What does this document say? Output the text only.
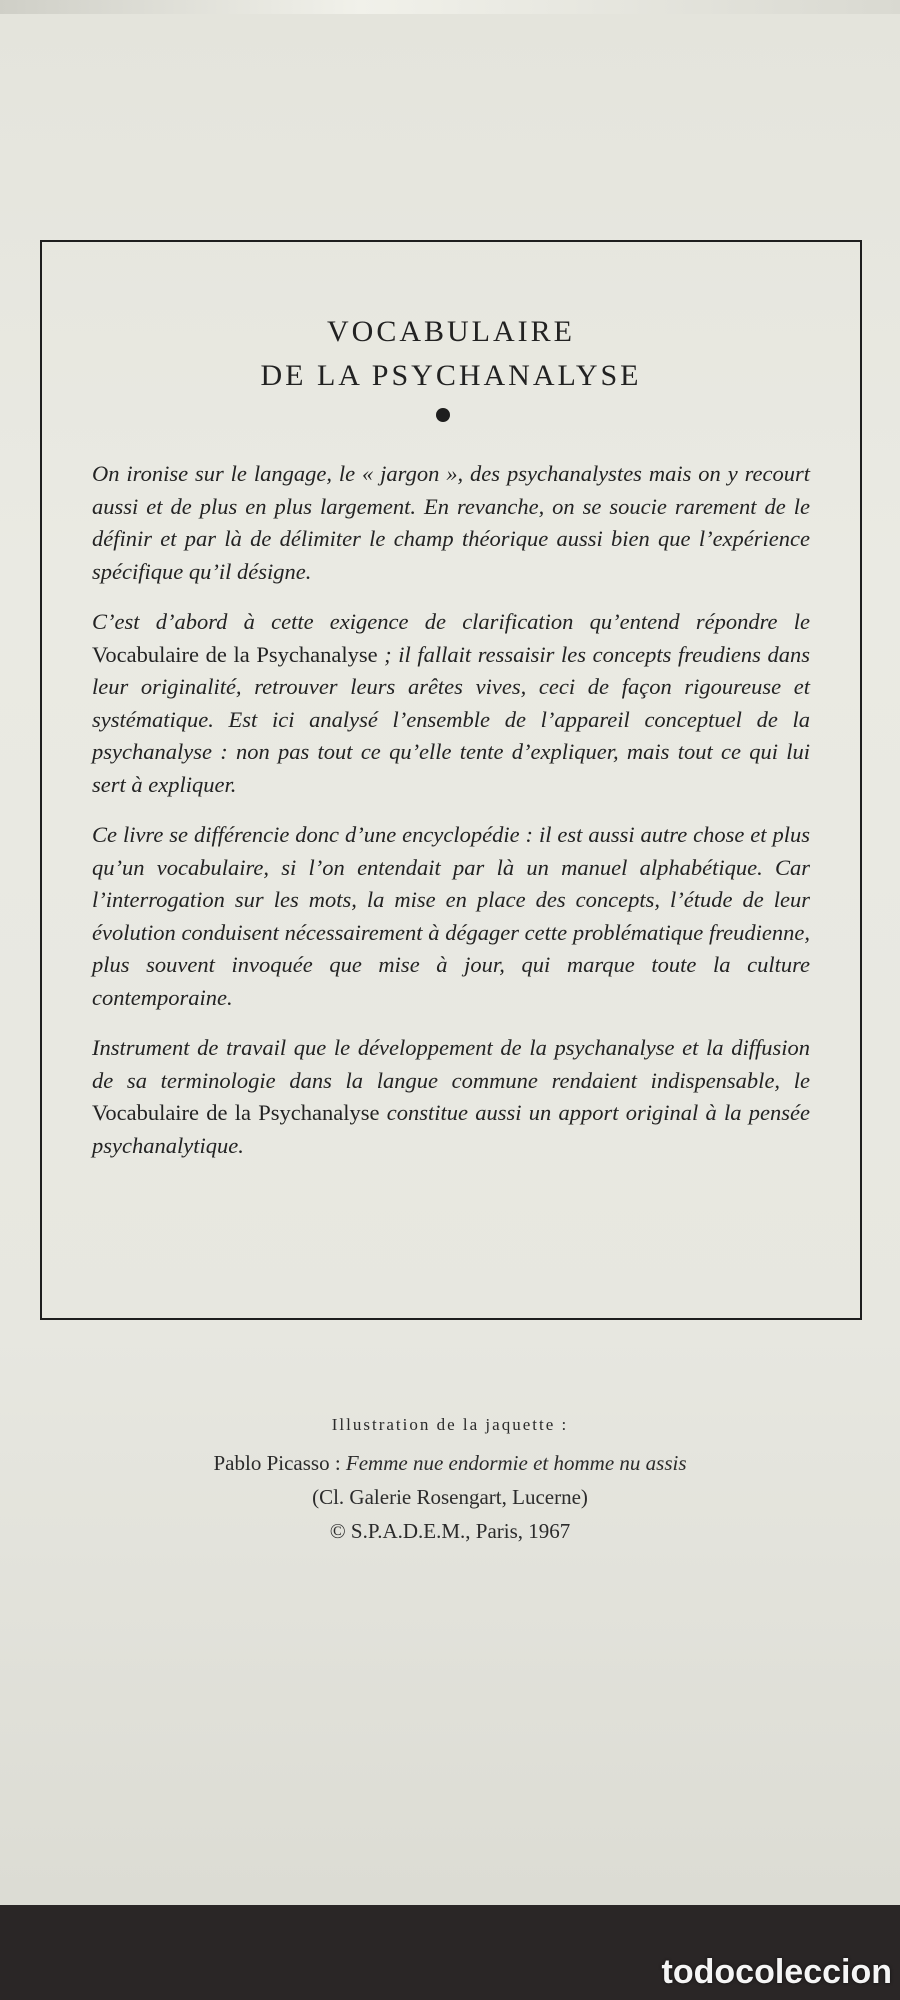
VOCABULAIRE
DE LA PSYCHANALYSE

On ironise sur le langage, le « jargon », des psychanalystes mais on y recourt aussi et de plus en plus largement. En revanche, on se soucie rarement de le définir et par là de délimiter le champ théorique aussi bien que l’expérience spécifique qu’il désigne.

C’est d’abord à cette exigence de clarification qu’entend répondre le Vocabulaire de la Psychanalyse ; il fallait ressaisir les concepts freudiens dans leur originalité, retrouver leurs arêtes vives, ceci de façon rigoureuse et systématique. Est ici analysé l’ensemble de l’appareil conceptuel de la psychanalyse : non pas tout ce qu’elle tente d’expliquer, mais tout ce qui lui sert à expliquer.

Ce livre se différencie donc d’une encyclopédie : il est aussi autre chose et plus qu’un vocabulaire, si l’on entendait par là un manuel alphabétique. Car l’interrogation sur les mots, la mise en place des concepts, l’étude de leur évolution conduisent nécessairement à dégager cette problématique freudienne, plus souvent invoquée que mise à jour, qui marque toute la culture contemporaine.

Instrument de travail que le développement de la psychanalyse et la diffusion de sa terminologie dans la langue commune rendaient indispensable, le Vocabulaire de la Psychanalyse constitue aussi un apport original à la pensée psychanalytique.

Illustration de la jaquette :
Pablo Picasso : Femme nue endormie et homme nu assis
(Cl. Galerie Rosengart, Lucerne)
© S.P.A.D.E.M., Paris, 1967
todocoleccion
